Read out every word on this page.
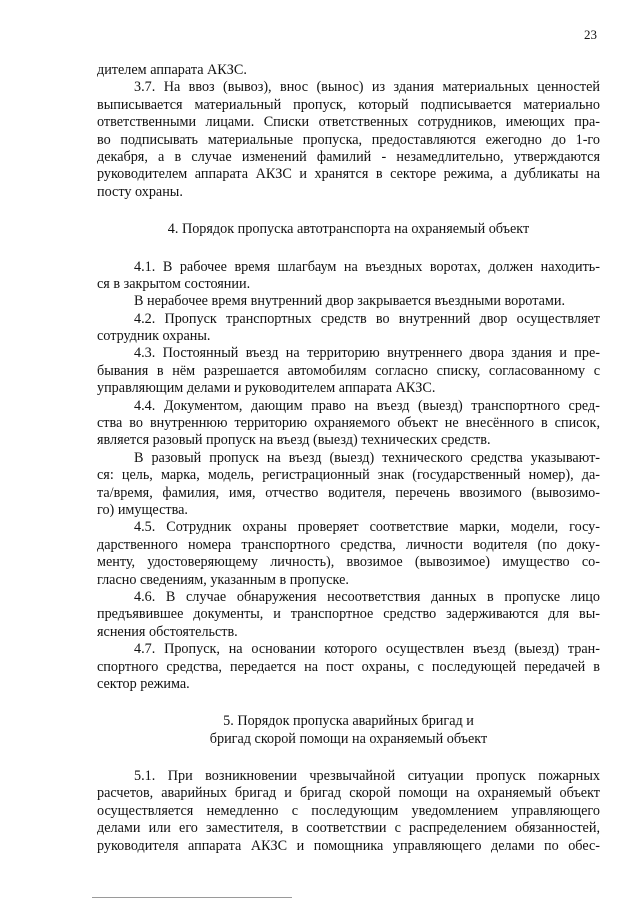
23
дителем аппарата АКЗС.
3.7. На ввоз (вывоз), внос (вынос) из здания материальных ценностей
выписывается материальный пропуск, который подписывается материально
ответственными лицами. Списки ответственных сотрудников, имеющих пра-
во подписывать материальные пропуска, предоставляются ежегодно до 1-го
декабря, а в случае изменений фамилий - незамедлительно, утверждаются
руководителем аппарата АКЗС и хранятся в секторе режима, а дубликаты на
посту охраны.
4. Порядок пропуска автотранспорта на охраняемый объект
4.1. В рабочее время шлагбаум на въездных воротах, должен находить-
ся в закрытом состоянии.
В нерабочее время внутренний двор закрывается въездными воротами.
4.2. Пропуск транспортных средств во внутренний двор осуществляет
сотрудник охраны.
4.3. Постоянный въезд на территорию внутреннего двора здания и пре-
бывания в нём разрешается автомобилям согласно списку, согласованному с
управляющим делами и руководителем аппарата АКЗС.
4.4. Документом, дающим право на въезд (выезд) транспортного сред-
ства во внутреннюю территорию охраняемого объект не внесённого в список,
является разовый пропуск на въезд (выезд) технических средств.
В разовый пропуск на въезд (выезд) технического средства указывают-
ся: цель, марка, модель, регистрационный знак (государственный номер), да-
та/время, фамилия, имя, отчество водителя, перечень ввозимого (вывозимо-
го) имущества.
4.5. Сотрудник охраны проверяет соответствие марки, модели, госу-
дарственного номера транспортного средства, личности водителя (по доку-
менту, удостоверяющему личность), ввозимое (вывозимое) имущество со-
гласно сведениям, указанным в пропуске.
4.6. В случае обнаружения несоответствия данных в пропуске лицо
предъявившее документы, и транспортное средство задерживаются для вы-
яснения обстоятельств.
4.7. Пропуск, на основании которого осуществлен въезд (выезд) тран-
спортного средства, передается на пост охраны, с последующей передачей в
сектор режима.
5. Порядок пропуска аварийных бригад и
бригад скорой помощи на охраняемый объект
5.1. При возникновении чрезвычайной ситуации пропуск пожарных
расчетов, аварийных бригад и бригад скорой помощи на охраняемый объект
осуществляется немедленно с последующим уведомлением управляющего
делами или его заместителя, в соответствии с распределением обязанностей,
руководителя аппарата АКЗС и помощника управляющего делами по обес-
